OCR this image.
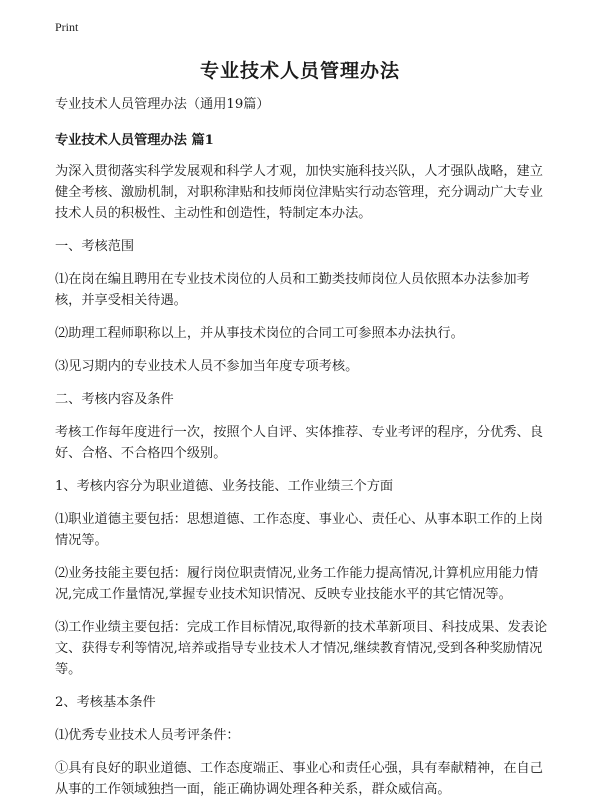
Print
专业技术人员管理办法

专业技术人员管理办法（通用19篇）

专业技术人员管理办法 篇1

为深入贯彻落实科学发展观和科学人才观，加快实施科技兴队，人才强队战略，建立健全考核、激励机制，对职称津贴和技师岗位津贴实行动态管理，充分调动广大专业技术人员的积极性、主动性和创造性，特制定本办法。

一、考核范围

⑴在岗在编且聘用在专业技术岗位的人员和工勤类技师岗位人员依照本办法参加考核，并享受相关待遇。

⑵助理工程师职称以上，并从事技术岗位的合同工可参照本办法执行。

⑶见习期内的专业技术人员不参加当年度专项考核。

二、考核内容及条件

考核工作每年度进行一次，按照个人自评、实体推荐、专业考评的程序，分优秀、良好、合格、不合格四个级别。

1、考核内容分为职业道德、业务技能、工作业绩三个方面

⑴职业道德主要包括：思想道德、工作态度、事业心、责任心、从事本职工作的上岗情况等。

⑵业务技能主要包括：履行岗位职责情况,业务工作能力提高情况,计算机应用能力情况,完成工作量情况,掌握专业技术知识情况、反映专业技能水平的其它情况等。

⑶工作业绩主要包括：完成工作目标情况,取得新的技术革新项目、科技成果、发表论文、获得专利等情况,培养或指导专业技术人才情况,继续教育情况,受到各种奖励情况等。

2、考核基本条件

⑴优秀专业技术人员考评条件：

①具有良好的职业道德、工作态度端正、事业心和责任心强，具有奉献精神，在自己从事的工作领域独挡一面，能正确协调处理各种关系，群众威信高。
